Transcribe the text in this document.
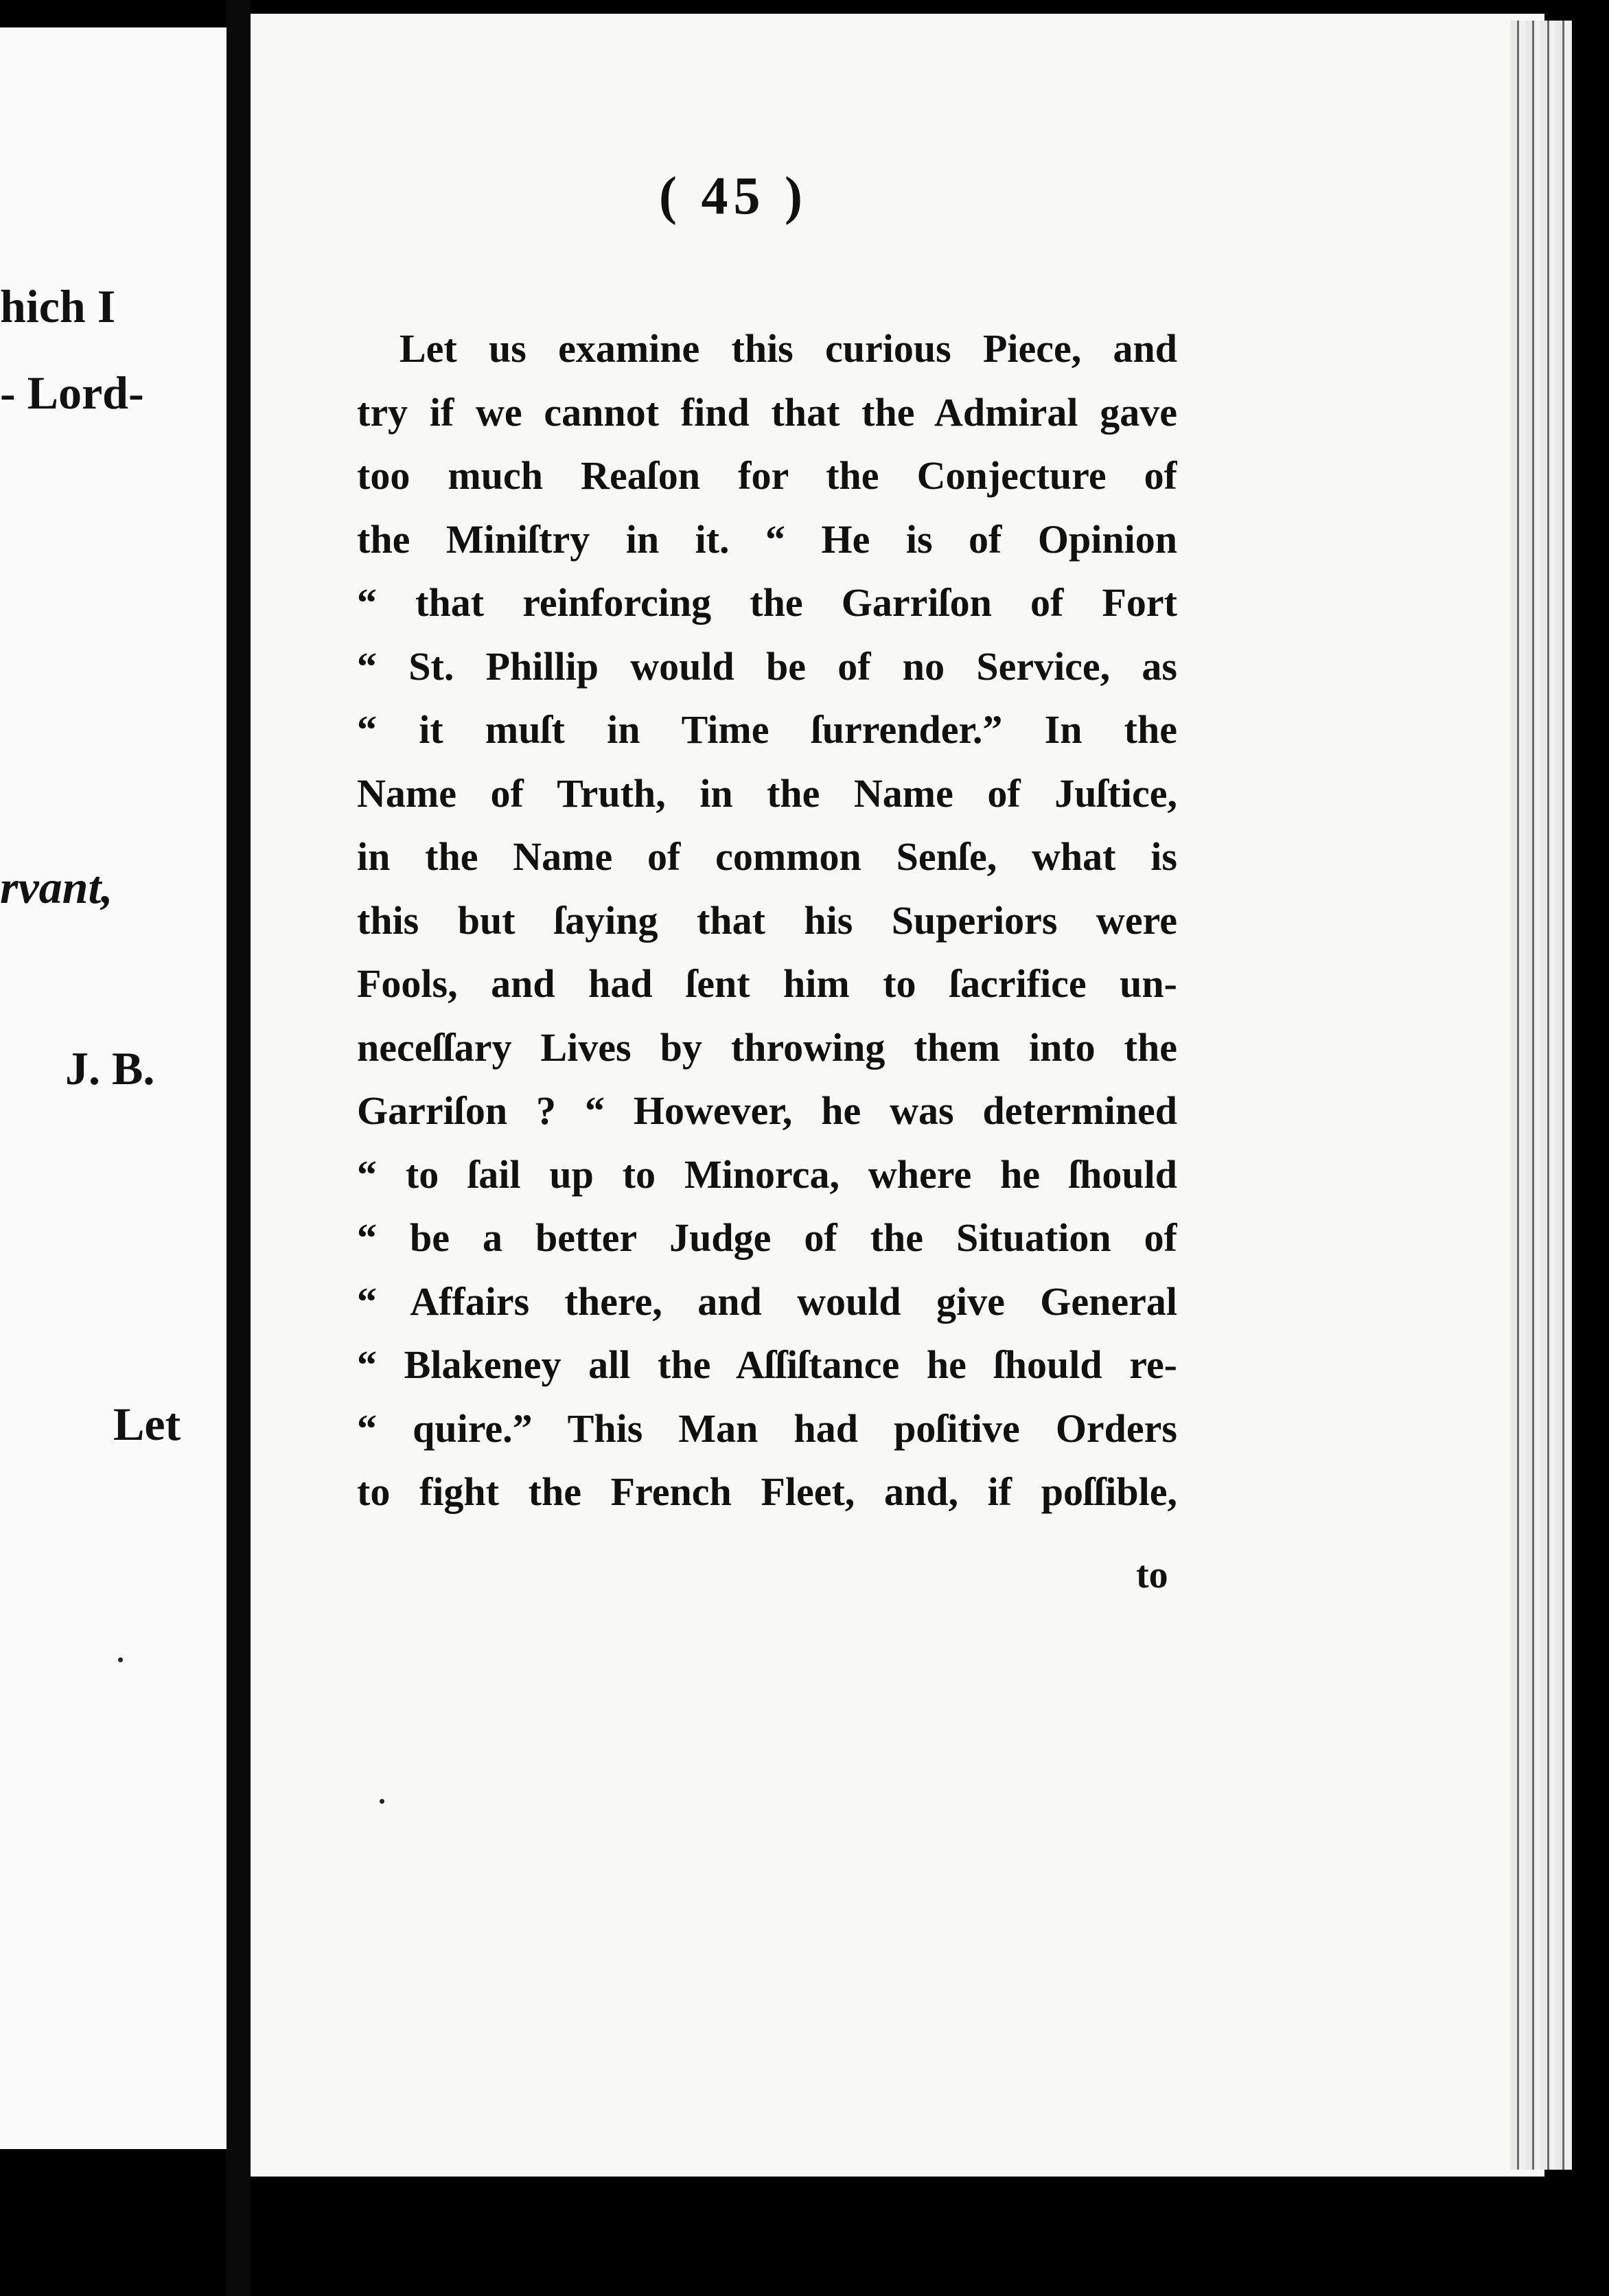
hich I
- Lord-
rvant,
J. B.
Let
( 45 )
Let us examine this curious Piece, and
try if we cannot find that the Admiral gave
too much Reaſon for the Conjecture of
the Miniſtry in it. “ He is of Opinion
“ that reinforcing the Garriſon of Fort
“ St. Phillip would be of no Service, as
“ it muſt in Time ſurrender.” In the
Name of Truth, in the Name of Juſtice,
in the Name of common Senſe, what is
this but ſaying that his Superiors were
Fools, and had ſent him to ſacrifice un-
neceſſary Lives by throwing them into the
Garriſon ? “ However, he was determined
“ to ſail up to Minorca, where he ſhould
“ be a better Judge of the Situation of
“ Affairs there, and would give General
“ Blakeney all the Aſſiſtance he ſhould re-
“ quire.” This Man had poſitive Orders
to fight the French Fleet, and, if poſſible,
to
